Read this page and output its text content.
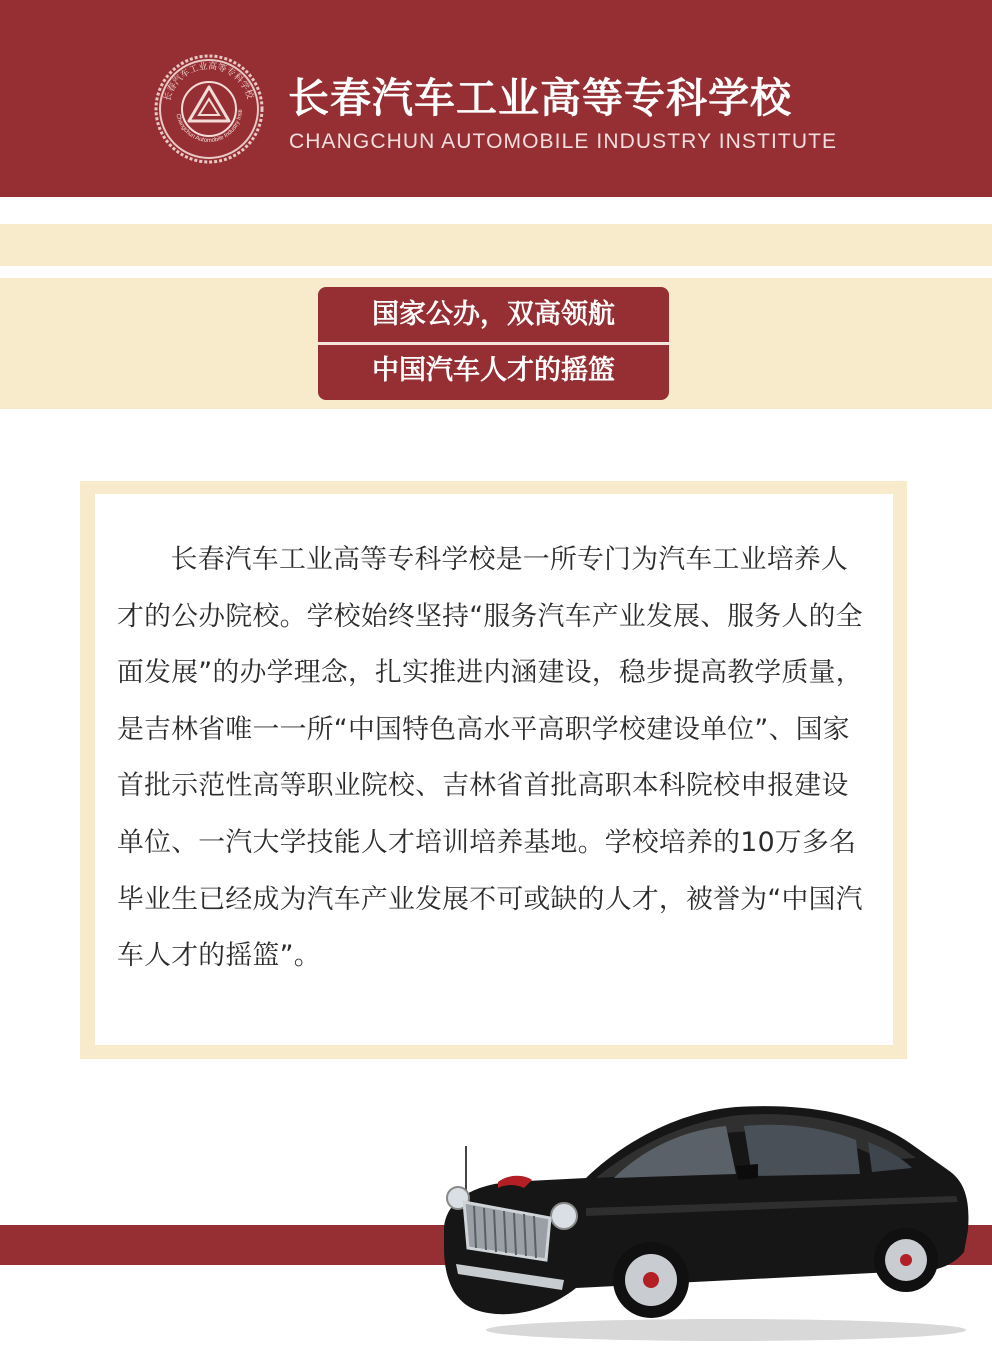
长春汽车工业高等专科学校
Changchun Automobile Industry Insti 长春汽车工业高等专科学校
CHANGCHUN AUTOMOBILE INDUSTRY INSTITUTE
国家公办，双高领航
中国汽车人才的摇篮

长春汽车工业高等专科学校是一所专门为汽车工业培养人才的公办院校。学校始终坚持“服务汽车产业发展、服务人的全面发展”的办学理念，扎实推进内涵建设，稳步提高教学质量，是吉林省唯一一所“中国特色高水平高职学校建设单位”、国家首批示范性高等职业院校、吉林省首批高职本科院校申报建设单位、一汽大学技能人才培训培养基地。学校培养的10万多名毕业生已经成为汽车产业发展不可或缺的人才，被誉为“中国汽车人才的摇篮”。
